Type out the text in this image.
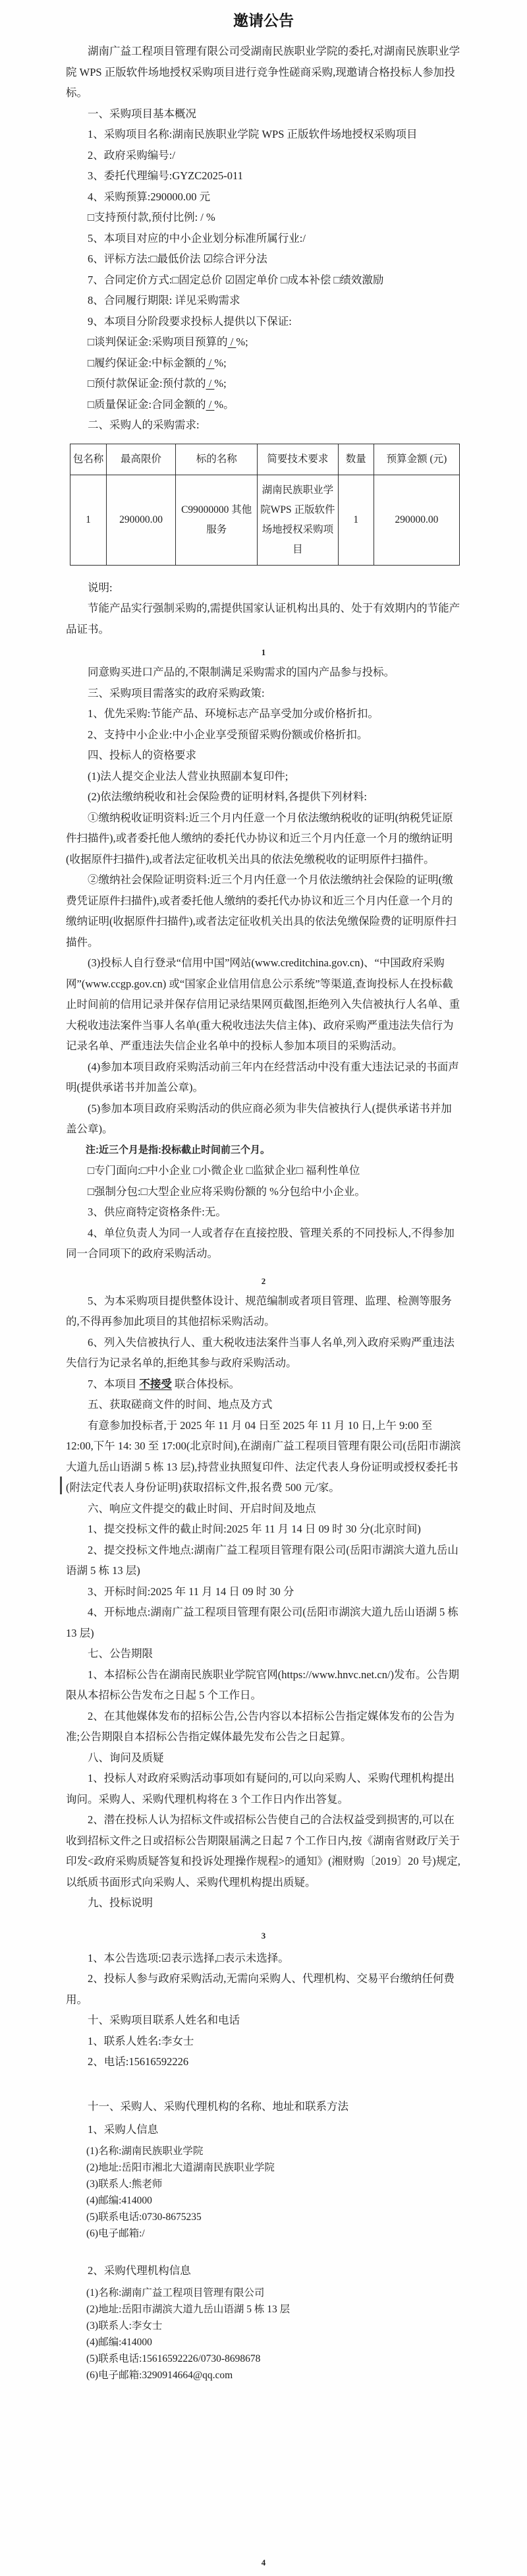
邀请公告
湖南广益工程项目管理有限公司受湖南民族职业学院的委托,对湖南民族职业学院 WPS 正版软件场地授权采购项目进行竞争性磋商采购,现邀请合格投标人参加投标。
一、采购项目基本概况
1、采购项目名称:湖南民族职业学院 WPS 正版软件场地授权采购项目
2、政府采购编号:/
3、委托代理编号:GYZC2025-011
4、采购预算:290000.00 元
□支持预付款,预付比例: / %
5、本项目对应的中小企业划分标准所属行业:/
6、评标方法:□最低价法 ☑综合评分法
7、合同定价方式:□固定总价 ☑固定单价 □成本补偿 □绩效激励
8、合同履行期限: 详见采购需求
9、本项目分阶段要求投标人提供以下保证:
□谈判保证金:采购项目预算的 / %;
□履约保证金:中标金额的 / %;
□预付款保证金:预付款的 / %;
□质量保证金:合同金额的 / %。
二、采购人的采购需求:
包名称	最高限价	标的名称	简要技术要求	数量	预算金额 (元)
1	290000.00	C99000000 其他服务	湖南民族职业学院WPS 正版软件场地授权采购项目	1	290000.00
说明:
节能产品实行强制采购的,需提供国家认证机构出具的、处于有效期内的节能产品证书。
1
同意购买进口产品的,不限制满足采购需求的国内产品参与投标。
三、采购项目需落实的政府采购政策:
1、优先采购:节能产品、环境标志产品享受加分或价格折扣。
2、支持中小企业:中小企业享受预留采购份额或价格折扣。
四、投标人的资格要求
(1)法人提交企业法人营业执照副本复印件;
(2)依法缴纳税收和社会保险费的证明材料,各提供下列材料:
①缴纳税收证明资料:近三个月内任意一个月依法缴纳税收的证明(纳税凭证原件扫描件),或者委托他人缴纳的委托代办协议和近三个月内任意一个月的缴纳证明(收据原件扫描件),或者法定征收机关出具的依法免缴税收的证明原件扫描件。
②缴纳社会保险证明资料:近三个月内任意一个月依法缴纳社会保险的证明(缴费凭证原件扫描件),或者委托他人缴纳的委托代办协议和近三个月内任意一个月的缴纳证明(收据原件扫描件),或者法定征收机关出具的依法免缴保险费的证明原件扫描件。
(3)投标人自行登录“信用中国”网站(www.creditchina.gov.cn)、“中国政府采购网”(www.ccgp.gov.cn) 或“国家企业信用信息公示系统”等渠道,查询投标人在投标截止时间前的信用记录并保存信用记录结果网页截图,拒绝列入失信被执行人名单、重大税收违法案件当事人名单(重大税收违法失信主体)、政府采购严重违法失信行为记录名单、严重违法失信企业名单中的投标人参加本项目的采购活动。
(4)参加本项目政府采购活动前三年内在经营活动中没有重大违法记录的书面声明(提供承诺书并加盖公章)。
(5)参加本项目政府采购活动的供应商必须为非失信被执行人(提供承诺书并加盖公章)。
注:近三个月是指:投标截止时间前三个月。
□专门面向:□中小企业 □小微企业 □监狱企业□ 福利性单位
□强制分包:□大型企业应将采购份额的 %分包给中小企业。
3、供应商特定资格条件:无。
4、单位负责人为同一人或者存在直接控股、管理关系的不同投标人,不得参加同一合同项下的政府采购活动。
2
5、为本采购项目提供整体设计、规范编制或者项目管理、监理、检测等服务的,不得再参加此项目的其他招标采购活动。
6、列入失信被执行人、重大税收违法案件当事人名单,列入政府采购严重违法失信行为记录名单的,拒绝其参与政府采购活动。
7、本项目 不接受 联合体投标。
五、获取磋商文件的时间、地点及方式
有意参加投标者,于 2025 年 11 月 04 日至 2025 年 11 月 10 日,上午 9:00 至 12:00,下午 14: 30 至 17:00(北京时间),在湖南广益工程项目管理有限公司(岳阳市湖滨大道九岳山语湖 5 栋 13 层),持营业执照复印件、法定代表人身份证明或授权委托书(附法定代表人身份证明)获取招标文件,报名费 500 元/家。
六、响应文件提交的截止时间、开启时间及地点
1、提交投标文件的截止时间:2025 年 11 月 14 日 09 时 30 分(北京时间)
2、提交投标文件地点:湖南广益工程项目管理有限公司(岳阳市湖滨大道九岳山语湖 5 栋 13 层)
3、开标时间:2025 年 11 月 14 日 09 时 30 分
4、开标地点:湖南广益工程项目管理有限公司(岳阳市湖滨大道九岳山语湖 5 栋 13 层)
七、公告期限
1、本招标公告在湖南民族职业学院官网(https://www.hnvc.net.cn/)发布。公告期限从本招标公告发布之日起 5 个工作日。
2、在其他媒体发布的招标公告,公告内容以本招标公告指定媒体发布的公告为准;公告期限自本招标公告指定媒体最先发布公告之日起算。
八、询问及质疑
1、投标人对政府采购活动事项如有疑问的,可以向采购人、采购代理机构提出询问。采购人、采购代理机构将在 3 个工作日内作出答复。
2、潜在投标人认为招标文件或招标公告使自己的合法权益受到损害的,可以在收到招标文件之日或招标公告期限届满之日起 7 个工作日内,按《湖南省财政厅关于印发<政府采购质疑答复和投诉处理操作规程>的通知》(湘财购〔2019〕20 号)规定,以纸质书面形式向采购人、采购代理机构提出质疑。
九、投标说明
3
1、本公告选项:☑表示选择,□表示未选择。
2、投标人参与政府采购活动,无需向采购人、代理机构、交易平台缴纳任何费用。
十、采购项目联系人姓名和电话
1、联系人姓名:李女士
2、电话:15616592226
十一、采购人、采购代理机构的名称、地址和联系方法
1、采购人信息
(1)名称:湖南民族职业学院
(2)地址:岳阳市湘北大道湖南民族职业学院
(3)联系人:熊老师
(4)邮编:414000
(5)联系电话:0730-8675235
(6)电子邮箱:/
2、采购代理机构信息
(1)名称:湖南广益工程项目管理有限公司
(2)地址:岳阳市湖滨大道九岳山语湖 5 栋 13 层
(3)联系人:李女士
(4)邮编:414000
(5)联系电话:15616592226/0730-8698678
(6)电子邮箱:3290914664@qq.com
4
